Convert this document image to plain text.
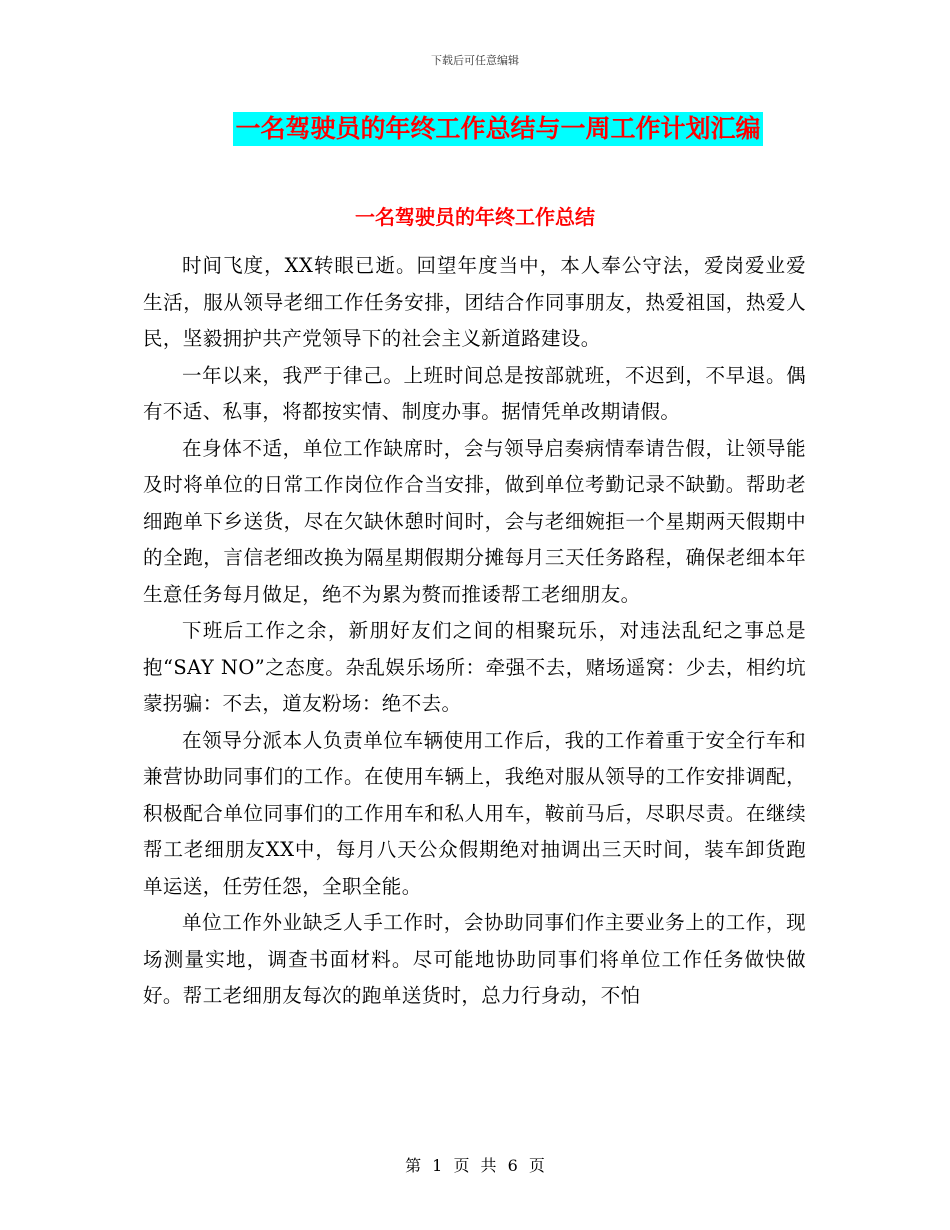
下载后可任意编辑
一名驾驶员的年终工作总结与一周工作计划汇编
一名驾驶员的年终工作总结

时间飞度，XX转眼已逝。回望年度当中，本人奉公守法，爱岗爱业爱生活，服从领导老细工作任务安排，团结合作同事朋友，热爱祖国，热爱人民，坚毅拥护共产党领导下的社会主义新道路建设。

一年以来，我严于律己。上班时间总是按部就班，不迟到，不早退。偶有不适、私事，将都按实情、制度办事。据情凭单改期请假。

在身体不适，单位工作缺席时，会与领导启奏病情奉请告假，让领导能及时将单位的日常工作岗位作合当安排，做到单位考勤记录不缺勤。帮助老细跑单下乡送货，尽在欠缺休憩时间时，会与老细婉拒一个星期两天假期中的全跑，言信老细改换为隔星期假期分摊每月三天任务路程，确保老细本年生意任务每月做足，绝不为累为赘而推诿帮工老细朋友。

下班后工作之余，新朋好友们之间的相聚玩乐，对违法乱纪之事总是抱“SAY NO”之态度。杂乱娱乐场所：牵强不去，赌场遥窝：少去，相约坑蒙拐骗：不去，道友粉场：绝不去。

在领导分派本人负责单位车辆使用工作后，我的工作着重于安全行车和兼营协助同事们的工作。在使用车辆上，我绝对服从领导的工作安排调配，积极配合单位同事们的工作用车和私人用车，鞍前马后，尽职尽责。在继续帮工老细朋友XX中，每月八天公众假期绝对抽调出三天时间，装车卸货跑单运送，任劳任怨，全职全能。

单位工作外业缺乏人手工作时，会协助同事们作主要业务上的工作，现场测量实地，调查书面材料。尽可能地协助同事们将单位工作任务做快做好。帮工老细朋友每次的跑单送货时，总力行身动，不怕

第 1 页 共 6 页
